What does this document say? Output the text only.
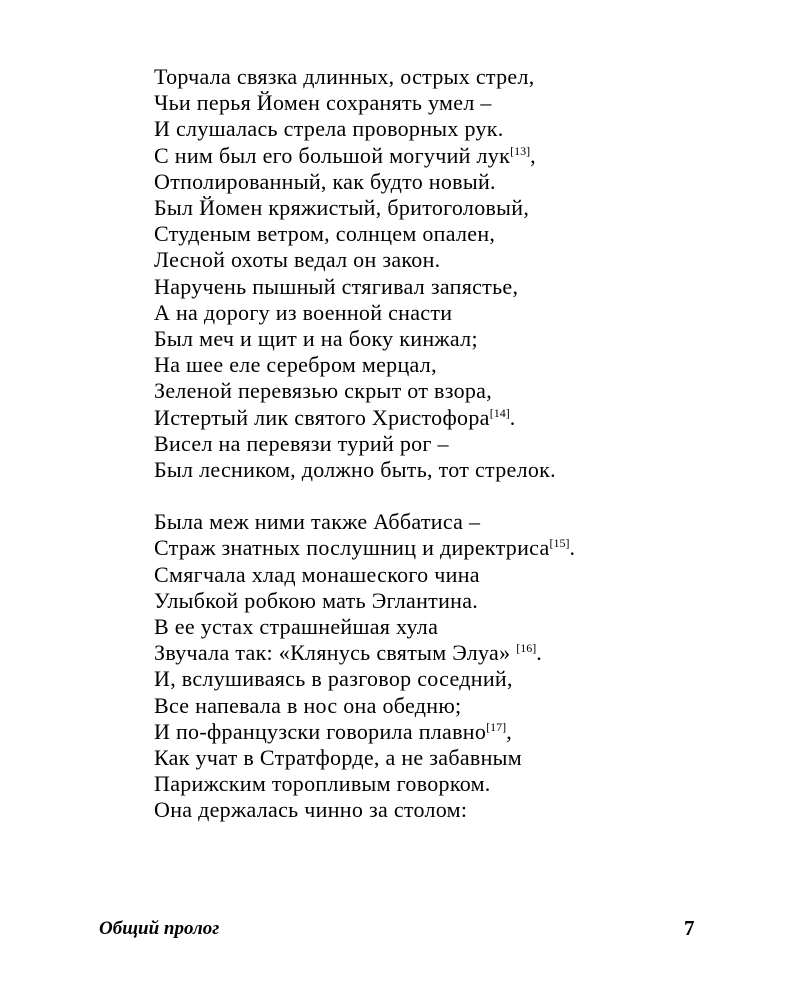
Торчала связка длинных, острых стрел,
Чьи перья Йомен сохранять умел –
И слушалась стрела проворных рук.
С ним был его большой могучий лук[13],
Отполированный, как будто новый.
Был Йомен кряжистый, бритоголовый,
Студеным ветром, солнцем опален,
Лесной охоты ведал он закон.
Наручень пышный стягивал запястье,
А на дорогу из военной снасти
Был меч и щит и на боку кинжал;
На шее еле серебром мерцал,
Зеленой перевязью скрыт от взора,
Истертый лик святого Христофора[14].
Висел на перевязи турий рог –
Был лесником, должно быть, тот стрелок.
Была меж ними также Аббатиса –
Страж знатных послушниц и директриса[15].
Смягчала хлад монашеского чина
Улыбкой робкою мать Эглантина.
В ее устах страшнейшая хула
Звучала так: «Клянусь святым Элуа» [16].
И, вслушиваясь в разговор соседний,
Все напевала в нос она обедню;
И по-французски говорила плавно[17],
Как учат в Стратфорде, а не забавным
Парижским торопливым говорком.
Она держалась чинно за столом:
Общий пролог	7
